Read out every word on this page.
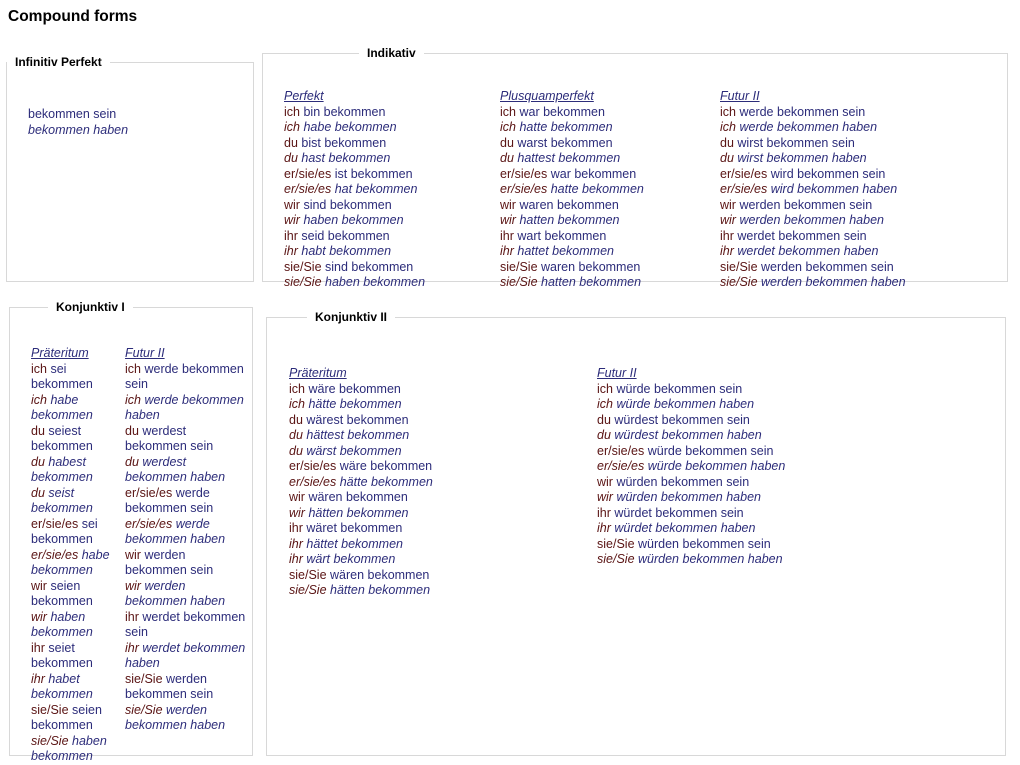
Compound forms
Infinitiv Perfekt
bekommen sein
bekommen haben
Indikativ
Perfekt
ich bin bekommen
ich habe bekommen
du bist bekommen
du hast bekommen
er/sie/es ist bekommen
er/sie/es hat bekommen
wir sind bekommen
wir haben bekommen
ihr seid bekommen
ihr habt bekommen
sie/Sie sind bekommen
sie/Sie haben bekommen
Plusquamperfekt
ich war bekommen
ich hatte bekommen
du warst bekommen
du hattest bekommen
er/sie/es war bekommen
er/sie/es hatte bekommen
wir waren bekommen
wir hatten bekommen
ihr wart bekommen
ihr hattet bekommen
sie/Sie waren bekommen
sie/Sie hatten bekommen
Futur II
ich werde bekommen sein
ich werde bekommen haben
du wirst bekommen sein
du wirst bekommen haben
er/sie/es wird bekommen sein
er/sie/es wird bekommen haben
wir werden bekommen sein
wir werden bekommen haben
ihr werdet bekommen sein
ihr werdet bekommen haben
sie/Sie werden bekommen sein
sie/Sie werden bekommen haben
Konjunktiv I
Präteritum
ich sei bekommen
ich habe bekommen
du seiest bekommen
du habest bekommen
du seist bekommen
er/sie/es sei bekommen
er/sie/es habe bekommen
wir seien bekommen
wir haben bekommen
ihr seiet bekommen
ihr habet bekommen
sie/Sie seien bekommen
sie/Sie haben bekommen
Futur II
ich werde bekommen sein
ich werde bekommen haben
du werdest bekommen sein
du werdest bekommen haben
er/sie/es werde bekommen sein
er/sie/es werde bekommen haben
wir werden bekommen sein
wir werden bekommen haben
ihr werdet bekommen sein
ihr werdet bekommen haben
sie/Sie werden bekommen sein
sie/Sie werden bekommen haben
Konjunktiv II
Präteritum
ich wäre bekommen
ich hätte bekommen
du wärest bekommen
du hättest bekommen
du wärst bekommen
er/sie/es wäre bekommen
er/sie/es hätte bekommen
wir wären bekommen
wir hätten bekommen
ihr wäret bekommen
ihr hättet bekommen
ihr wärt bekommen
sie/Sie wären bekommen
sie/Sie hätten bekommen
Futur II
ich würde bekommen sein
ich würde bekommen haben
du würdest bekommen sein
du würdest bekommen haben
er/sie/es würde bekommen sein
er/sie/es würde bekommen haben
wir würden bekommen sein
wir würden bekommen haben
ihr würdet bekommen sein
ihr würdet bekommen haben
sie/Sie würden bekommen sein
sie/Sie würden bekommen haben
